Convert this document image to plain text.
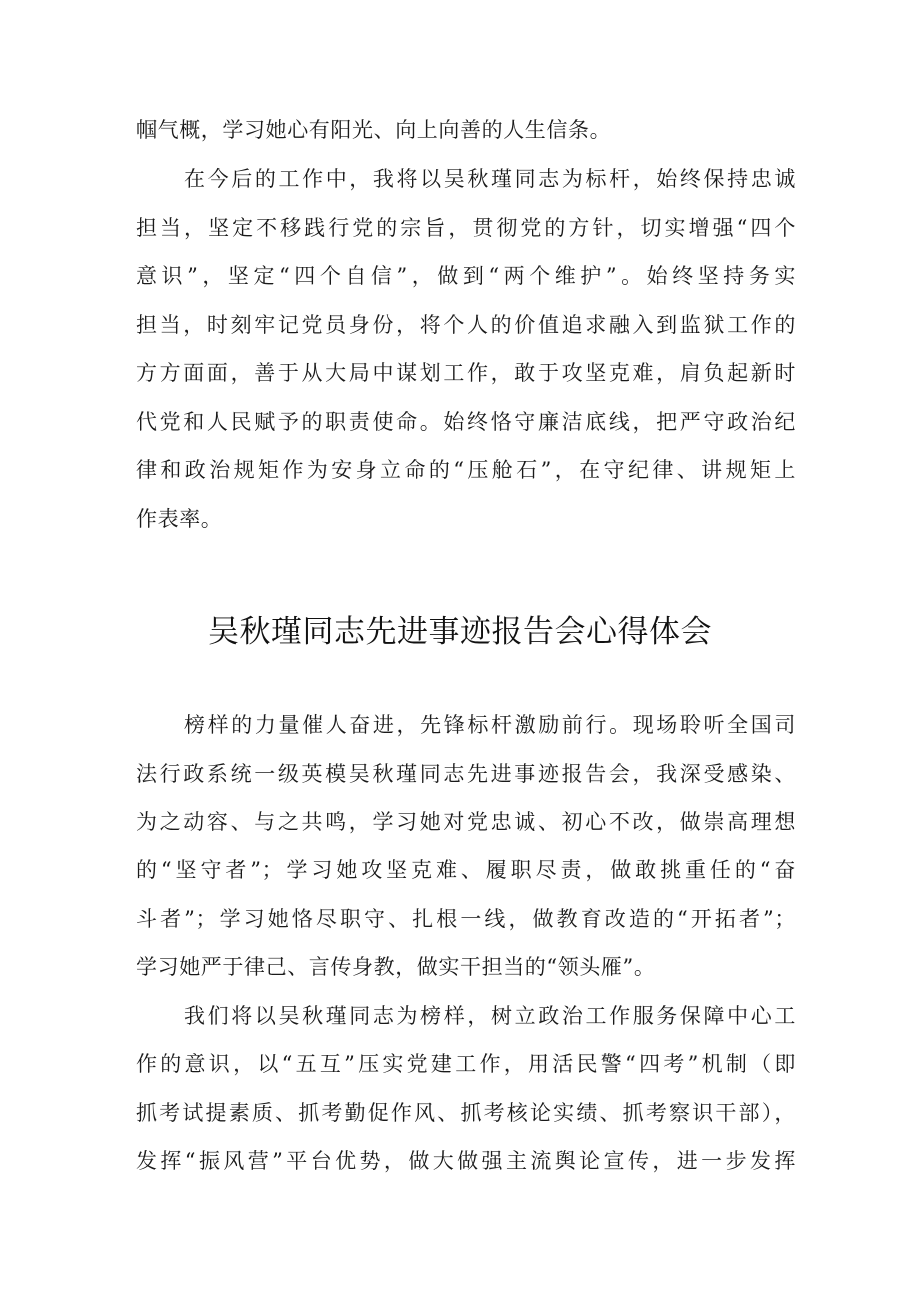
帼气概，学习她心有阳光、向上向善的人生信条。
在今后的工作中，我将以吴秋瑾同志为标杆，始终保持忠诚
担当，坚定不移践行党的宗旨，贯彻党的方针，切实增强“四个
意识”，坚定“四个自信”，做到“两个维护”。始终坚持务实
担当，时刻牢记党员身份，将个人的价值追求融入到监狱工作的
方方面面，善于从大局中谋划工作，敢于攻坚克难，肩负起新时
代党和人民赋予的职责使命。始终恪守廉洁底线，把严守政治纪
律和政治规矩作为安身立命的“压舱石”，在守纪律、讲规矩上
作表率。
吴秋瑾同志先进事迹报告会心得体会
榜样的力量催人奋进，先锋标杆激励前行。现场聆听全国司
法行政系统一级英模吴秋瑾同志先进事迹报告会，我深受感染、
为之动容、与之共鸣，学习她对党忠诚、初心不改，做崇高理想
的“坚守者”；学习她攻坚克难、履职尽责，做敢挑重任的“奋
斗者”；学习她恪尽职守、扎根一线，做教育改造的“开拓者”；
学习她严于律己、言传身教，做实干担当的“领头雁”。
我们将以吴秋瑾同志为榜样，树立政治工作服务保障中心工
作的意识，以“五互”压实党建工作，用活民警“四考”机制（即
抓考试提素质、抓考勤促作风、抓考核论实绩、抓考察识干部），
发挥“振风营”平台优势，做大做强主流舆论宣传，进一步发挥
